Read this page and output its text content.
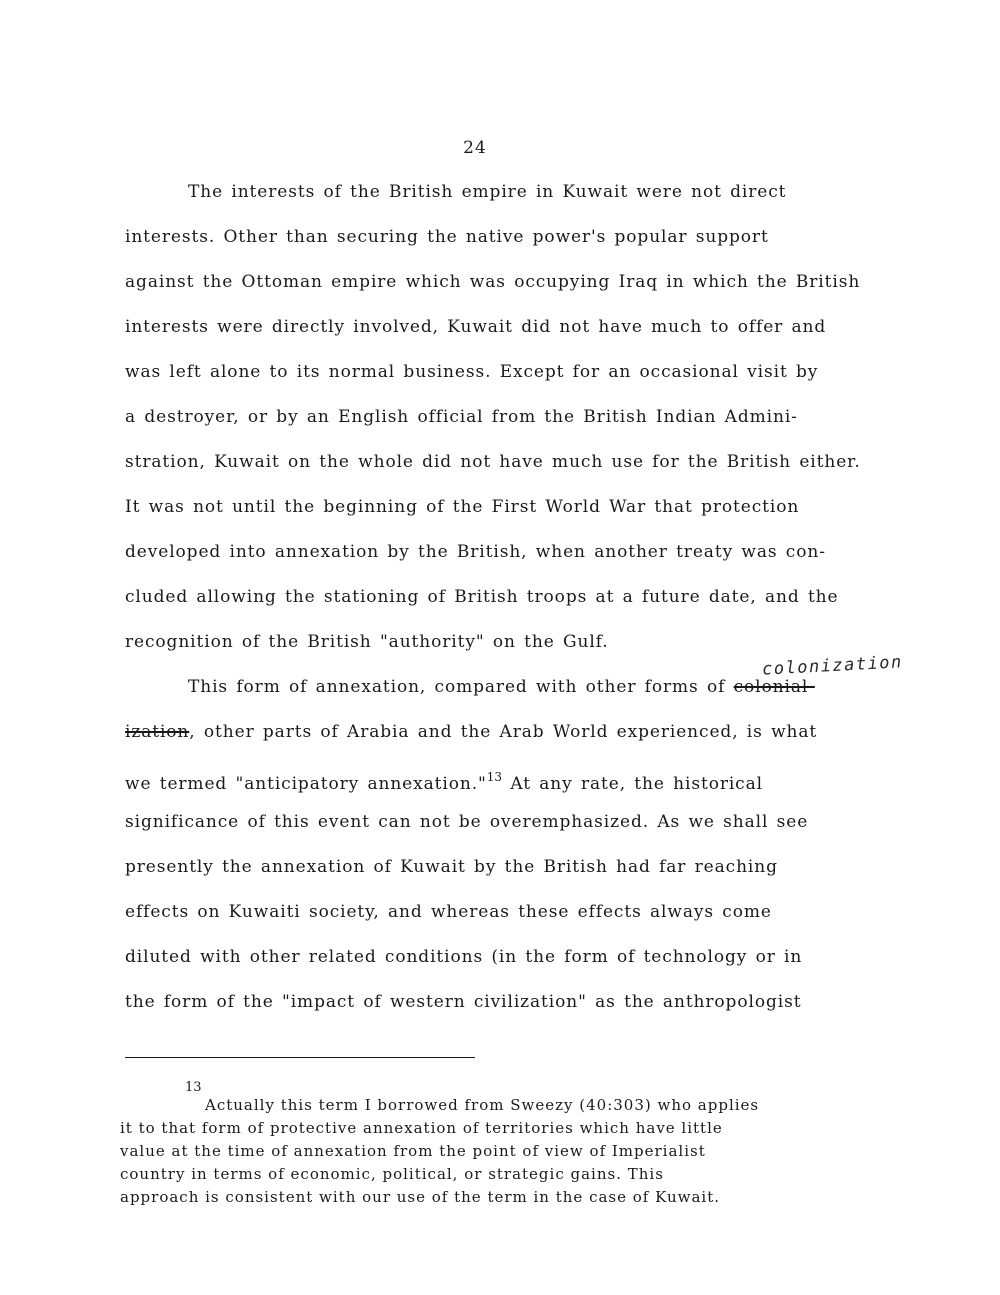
24
The interests of the British empire in Kuwait were not direct
interests. Other than securing the native power's popular support
against the Ottoman empire which was occupying Iraq in which the British
interests were directly involved, Kuwait did not have much to offer and
was left alone to its normal business. Except for an occasional visit by
a destroyer, or by an English official from the British Indian Admini-
stration, Kuwait on the whole did not have much use for the British either.
It was not until the beginning of the First World War that protection
developed into annexation by the British, when another treaty was con-
cluded allowing the stationing of British troops at a future date, and the
recognition of the British "authority" on the Gulf.
This form of annexation, compared with other forms of colonial-
ization, other parts of Arabia and the Arab World experienced, is what
we termed "anticipatory annexation."$^{13}$ At any rate, the historical
significance of this event can not be overemphasized. As we shall see
presently the annexation of Kuwait by the British had far reaching
effects on Kuwaiti society, and whereas these effects always come
diluted with other related conditions (in the form of technology or in
the form of the "impact of western civilization" as the anthropologist
colonization
13
Actually this term I borrowed from Sweezy (40:303) who applies
it to that form of protective annexation of territories which have little
value at the time of annexation from the point of view of Imperialist
country in terms of economic, political, or strategic gains. This
approach is consistent with our use of the term in the case of Kuwait.
